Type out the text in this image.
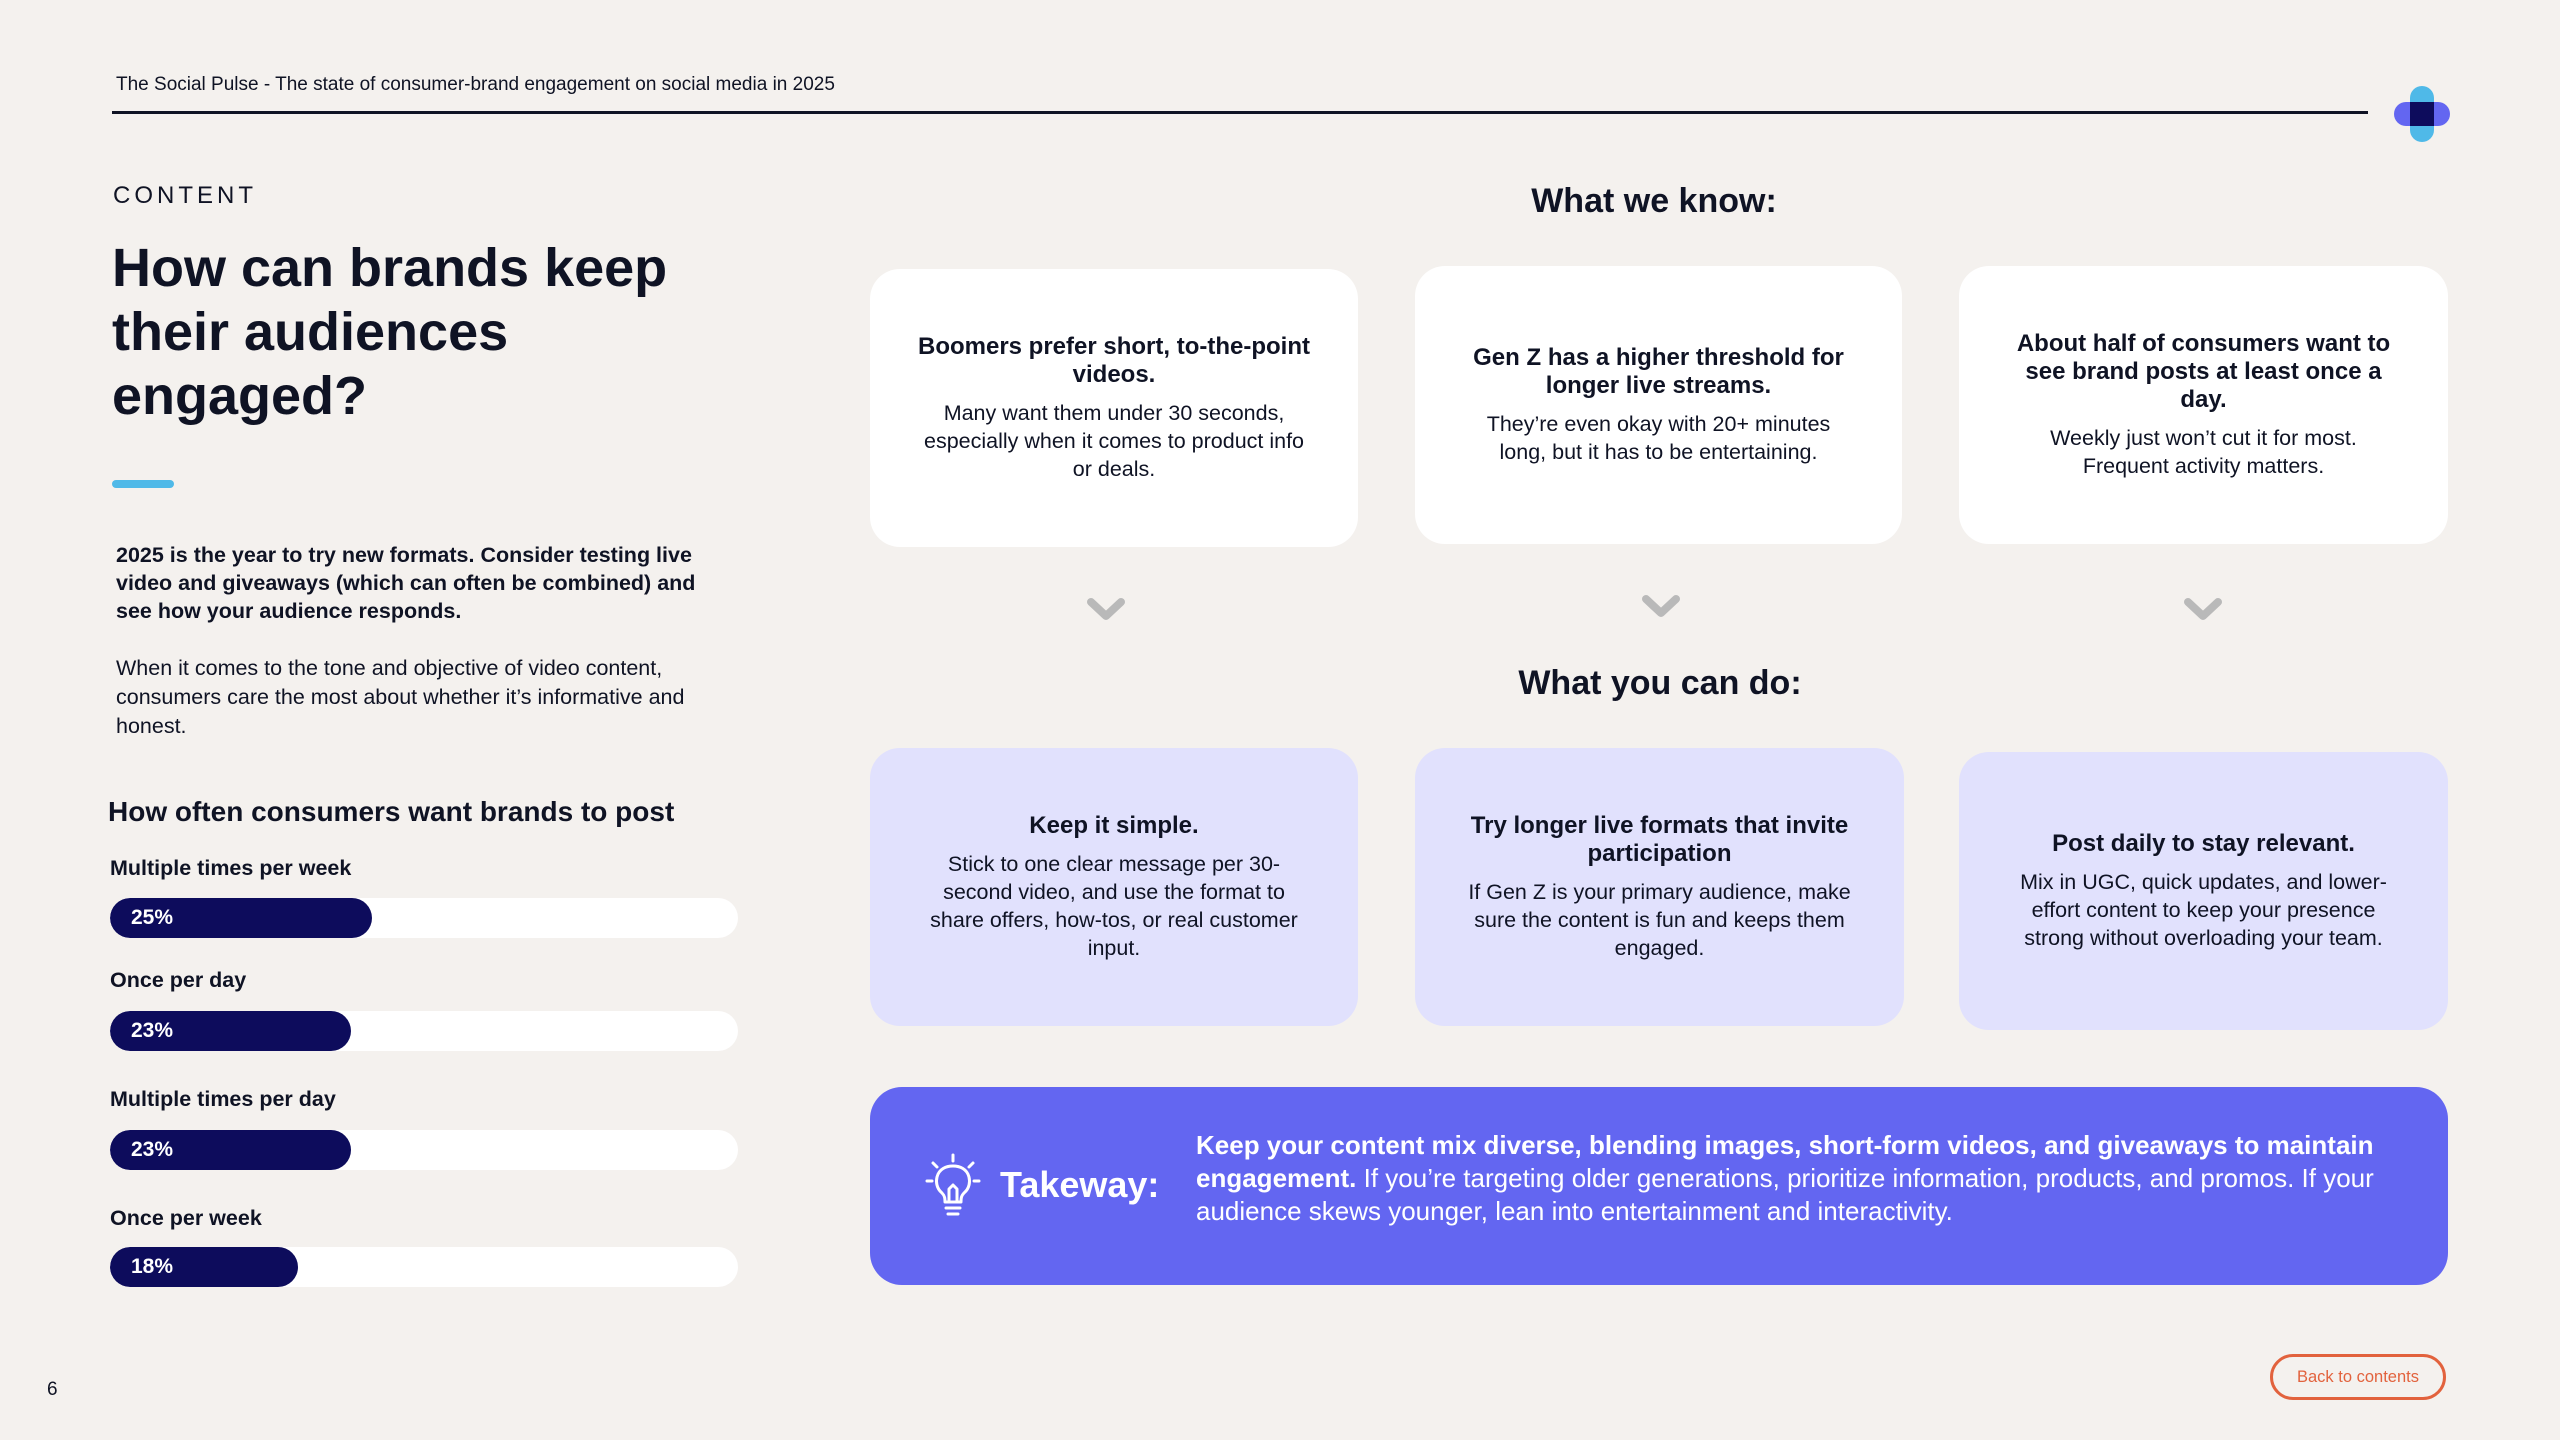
The Social Pulse - The state of consumer-brand engagement on social media in 2025
CONTENT
How can brands keep their audiences engaged?
2025 is the year to try new formats. Consider testing live video and giveaways (which can often be combined) and see how your audience responds.
When it comes to the tone and objective of video content, consumers care the most about whether it’s informative and honest.
How often consumers want brands to post
Multiple times per week
25%
Once per day
23%
Multiple times per day
23%
Once per week
18%
What we know:
Boomers prefer short, to-the-point videos.
Many want them under 30 seconds, especially when it comes to product info or deals.
Gen Z has a higher threshold for longer live streams.
They’re even okay with 20+ minutes long, but it has to be entertaining.
About half of consumers want to see brand posts at least once a day.
Weekly just won’t cut it for most. Frequent activity matters.
What you can do:
Keep it simple.
Stick to one clear message per 30-second video, and use the format to share offers, how-tos, or real customer input.
Try longer live formats that invite participation
If Gen Z is your primary audience, make sure the content is fun and keeps them engaged.
Post daily to stay relevant.
Mix in UGC, quick updates, and lower-effort content to keep your presence strong without overloading your team.
Takeway:
Keep your content mix diverse, blending images, short-form videos, and giveaways to maintain engagement. If you’re targeting older generations, prioritize information, products, and promos. If your audience skews younger, lean into entertainment and interactivity.
6
Back to contents
